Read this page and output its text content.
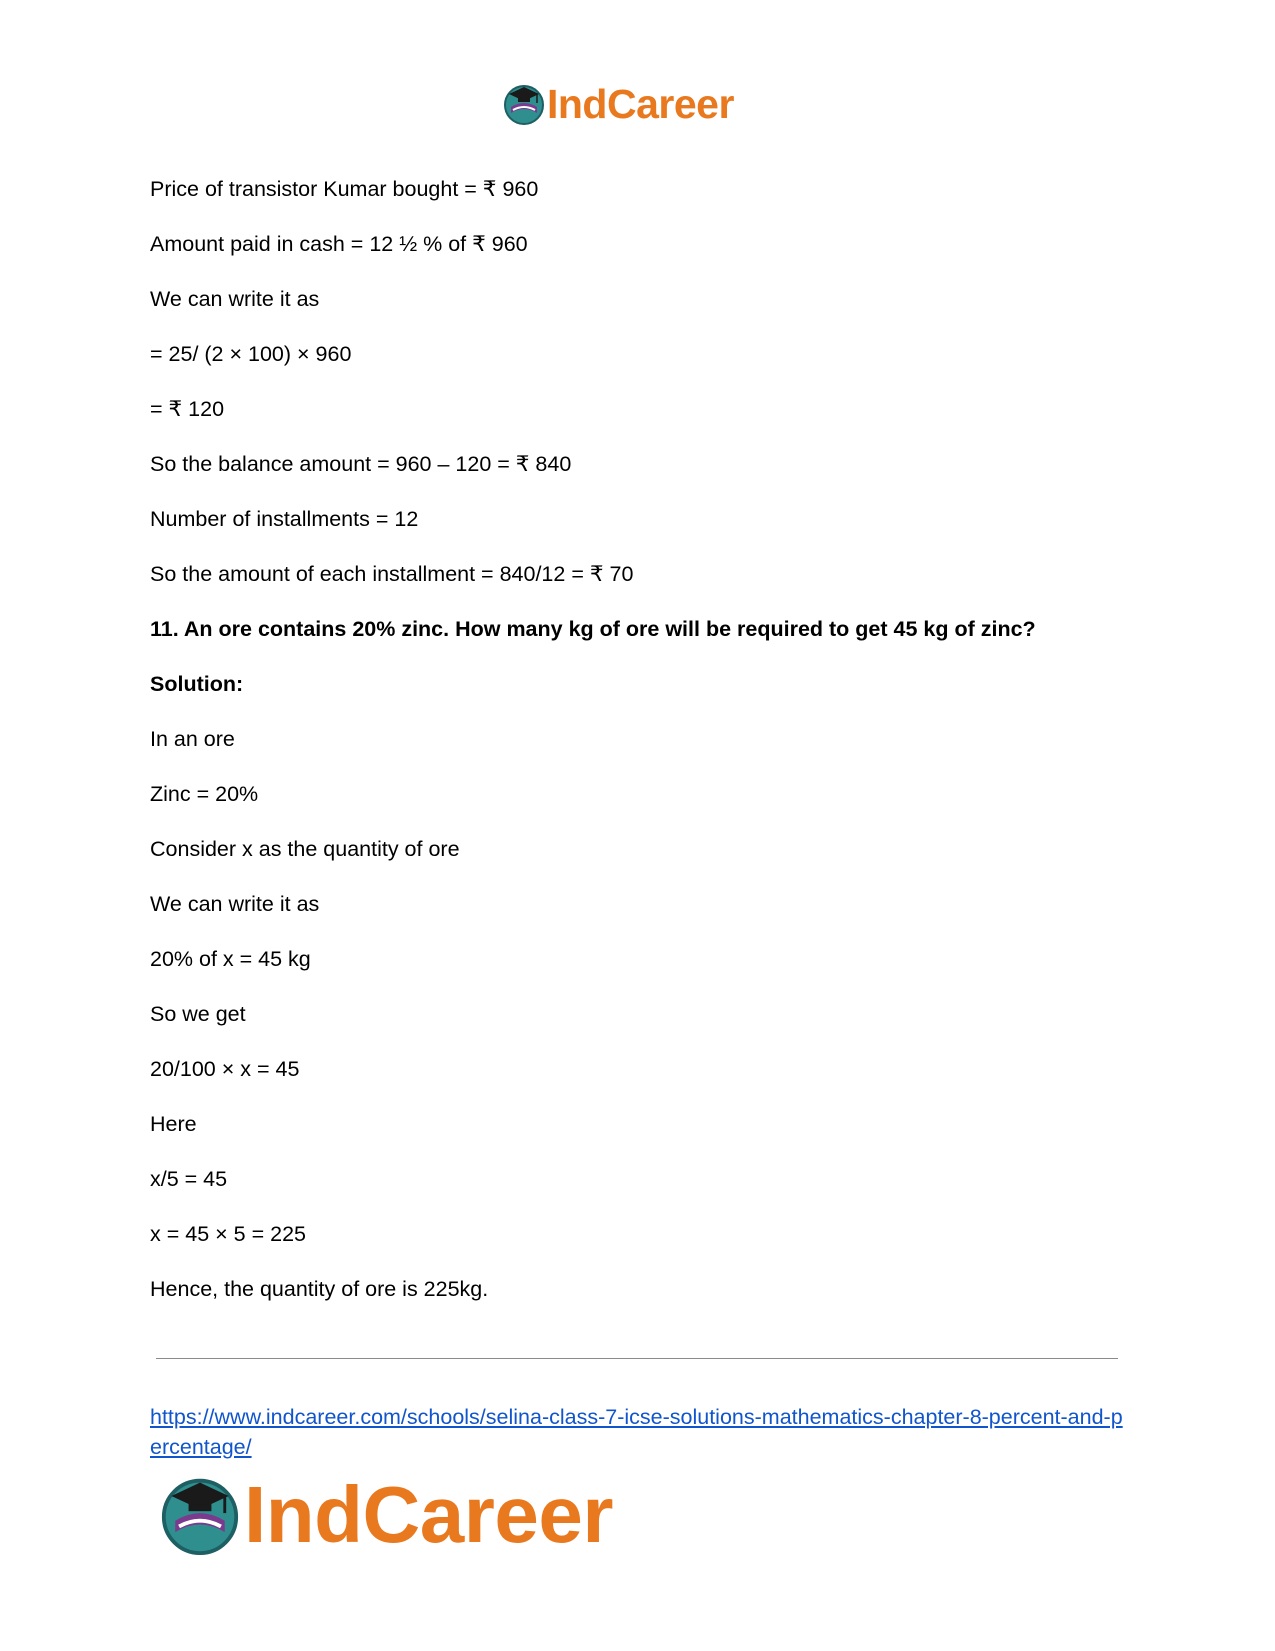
IndCareer

Price of transistor Kumar bought = ₹ 960

Amount paid in cash = 12 ½ % of ₹ 960

We can write it as

= 25/ (2 × 100) × 960

= ₹ 120

So the balance amount = 960 – 120 = ₹ 840

Number of installments = 12

So the amount of each installment = 840/12 = ₹ 70

11. An ore contains 20% zinc. How many kg of ore will be required to get 45 kg of zinc?

Solution:

In an ore

Zinc = 20%

Consider x as the quantity of ore

We can write it as

20% of x = 45 kg

So we get

20/100 × x = 45

Here

x/5 = 45

x = 45 × 5 = 225

Hence, the quantity of ore is 225kg.

https://www.indcareer.com/schools/selina-class-7-icse-solutions-mathematics-chapter-8-percent-and-percentage/
IndCareer
